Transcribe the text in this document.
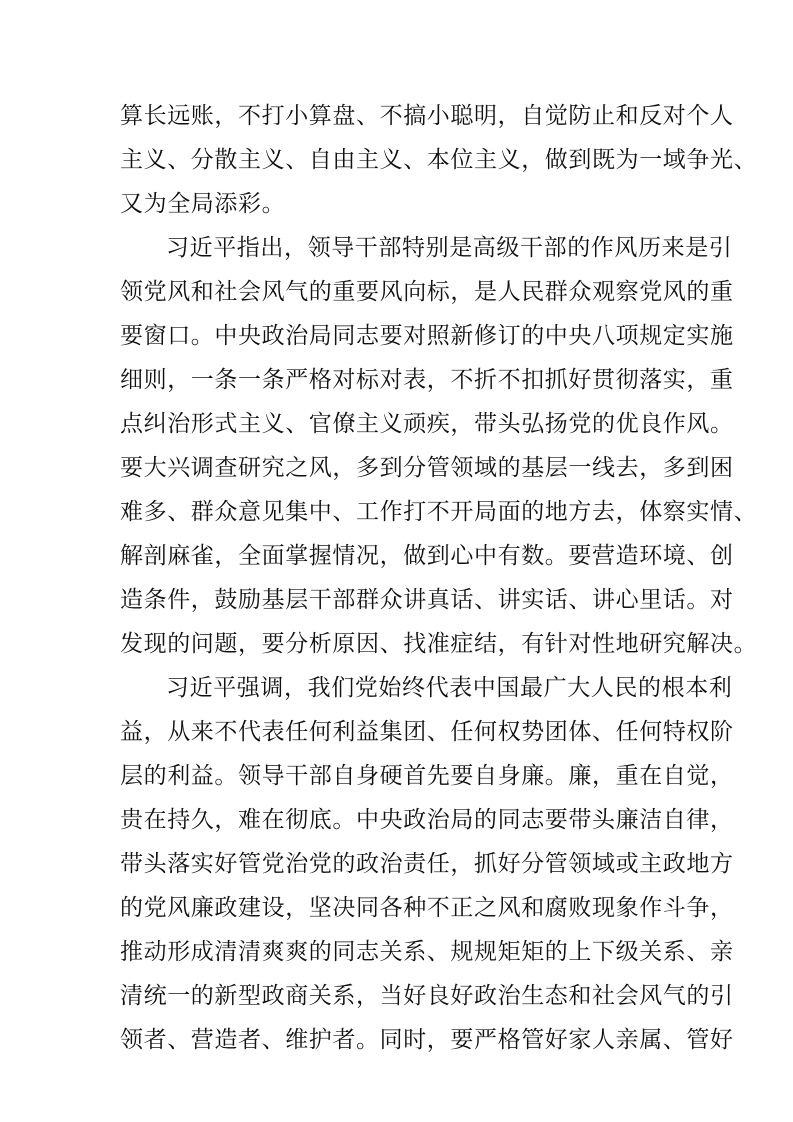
算长远账，不打小算盘、不搞小聪明，自觉防止和反对个人
主义、分散主义、自由主义、本位主义，做到既为一域争光、
又为全局添彩。
习近平指出，领导干部特别是高级干部的作风历来是引
领党风和社会风气的重要风向标，是人民群众观察党风的重
要窗口。中央政治局同志要对照新修订的中央八项规定实施
细则，一条一条严格对标对表，不折不扣抓好贯彻落实，重
点纠治形式主义、官僚主义顽疾，带头弘扬党的优良作风。
要大兴调查研究之风，多到分管领域的基层一线去，多到困
难多、群众意见集中、工作打不开局面的地方去，体察实情、
解剖麻雀，全面掌握情况，做到心中有数。要营造环境、创
造条件，鼓励基层干部群众讲真话、讲实话、讲心里话。对
发现的问题，要分析原因、找准症结，有针对性地研究解决。
习近平强调，我们党始终代表中国最广大人民的根本利
益，从来不代表任何利益集团、任何权势团体、任何特权阶
层的利益。领导干部自身硬首先要自身廉。廉，重在自觉，
贵在持久，难在彻底。中央政治局的同志要带头廉洁自律，
带头落实好管党治党的政治责任，抓好分管领域或主政地方
的党风廉政建设，坚决同各种不正之风和腐败现象作斗争，
推动形成清清爽爽的同志关系、规规矩矩的上下级关系、亲
清统一的新型政商关系，当好良好政治生态和社会风气的引
领者、营造者、维护者。同时，要严格管好家人亲属、管好
